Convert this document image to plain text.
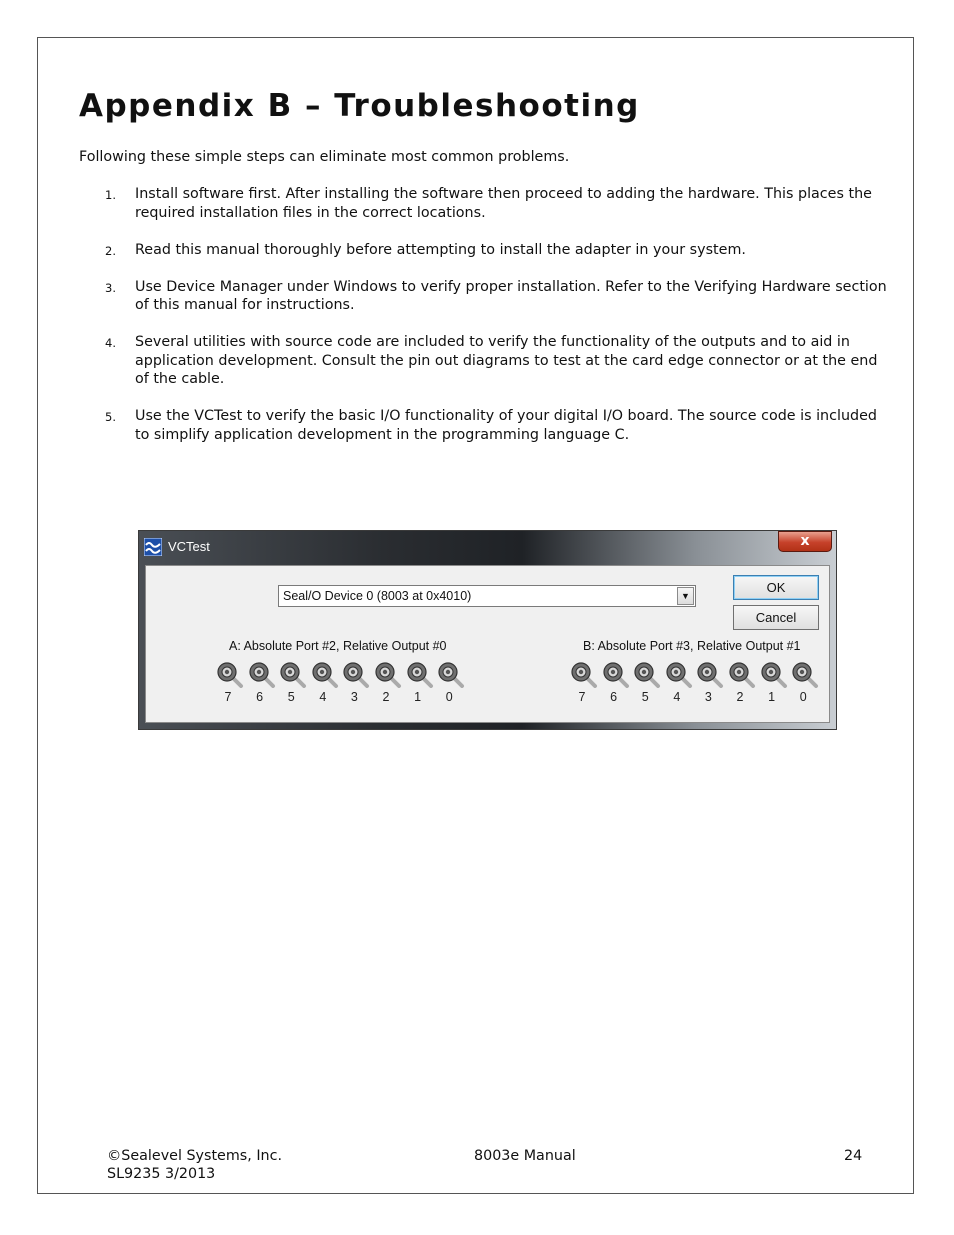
Appendix B – Troubleshooting

Following these simple steps can eliminate most common problems.

1. Install software first. After installing the software then proceed to adding the hardware. This places the required installation files in the correct locations.
2. Read this manual thoroughly before attempting to install the adapter in your system.
3. Use Device Manager under Windows to verify proper installation. Refer to the Verifying Hardware section of this manual for instructions.
4. Several utilities with source code are included to verify the functionality of the outputs and to aid in application development. Consult the pin out diagrams to test at the card edge connector or at the end of the cable.
5. Use the VCTest to verify the basic I/O functionality of your digital I/O board. The source code is included to simplify application development in the programming language C.
VCTest	x
Seal/O Device 0 (8003 at 0x4010)	▼
OK
Cancel
A: Absolute Port #2, Relative Output #0	B: Absolute Port #3, Relative Output #1
7	6	5	4	3	2	1	0	7	6	5	4	3	2	1	0
©Sealevel Systems, Inc.
SL9235 3/2013
8003e Manual	24
